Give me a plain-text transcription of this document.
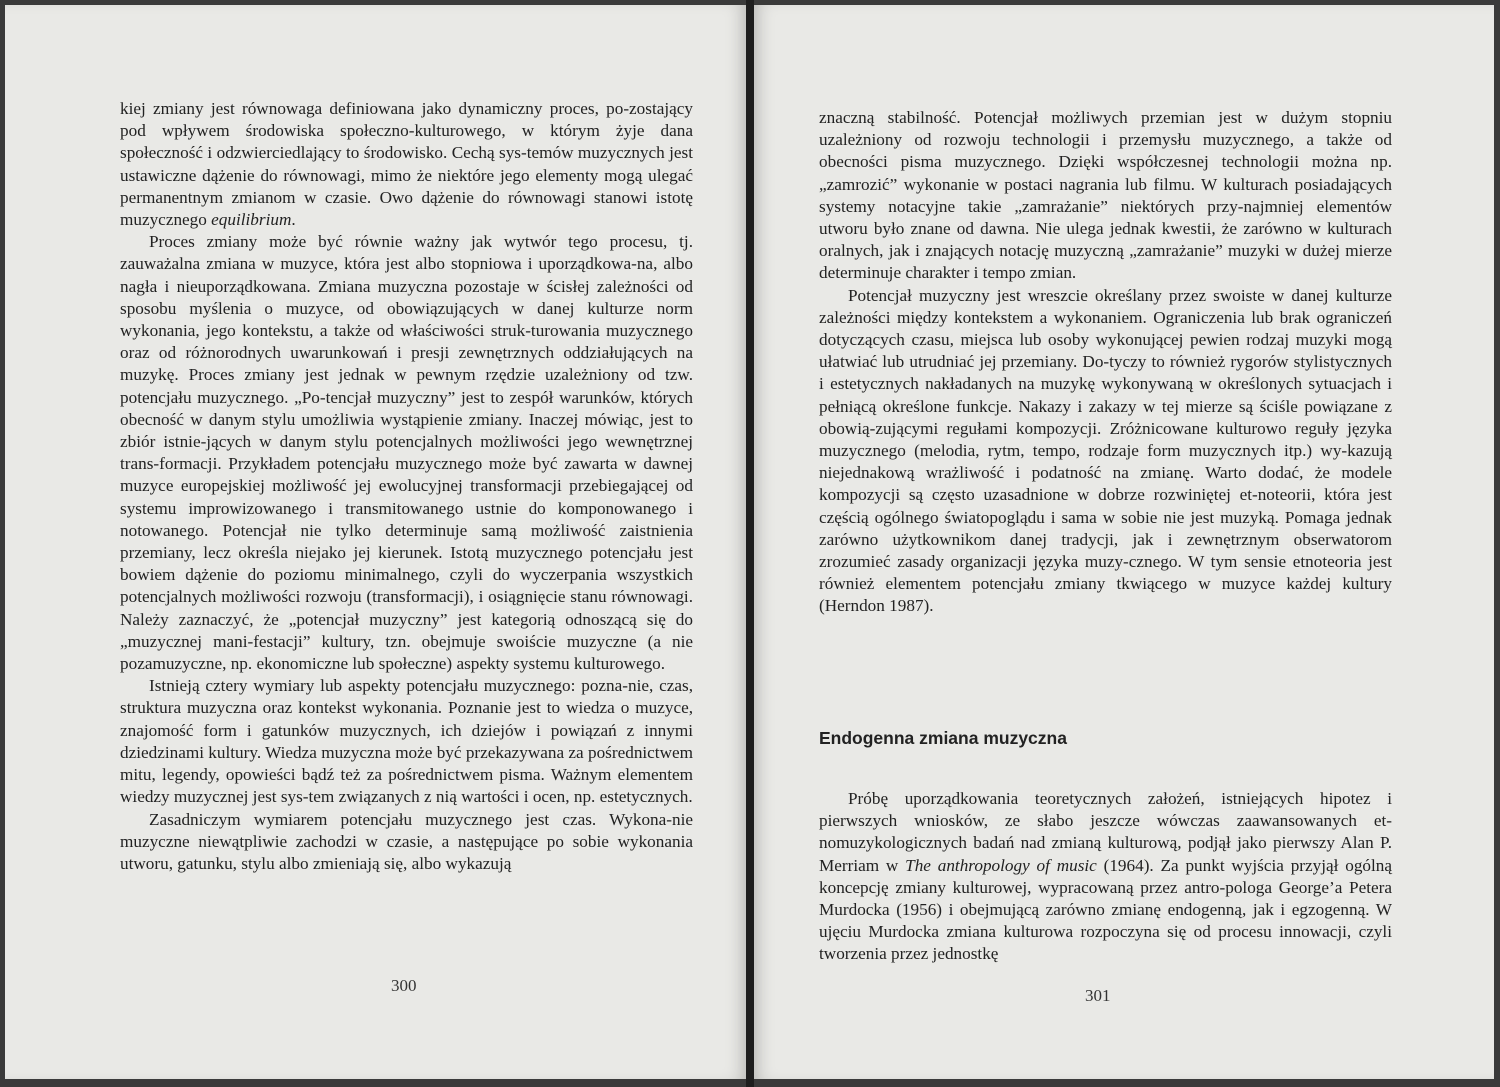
kiej zmiany jest równowaga definiowana jako dynamiczny proces, po-zostający pod wpływem środowiska społeczno-kulturowego, w którym żyje dana społeczność i odzwierciedlający to środowisko. Cechą sys-temów muzycznych jest ustawiczne dążenie do równowagi, mimo że niektóre jego elementy mogą ulegać permanentnym zmianom w czasie. Owo dążenie do równowagi stanowi istotę muzycznego equilibrium.

Proces zmiany może być równie ważny jak wytwór tego procesu, tj. zauważalna zmiana w muzyce, która jest albo stopniowa i uporządkowa-na, albo nagła i nieuporządkowana. Zmiana muzyczna pozostaje w ścisłej zależności od sposobu myślenia o muzyce, od obowiązujących w danej kulturze norm wykonania, jego kontekstu, a także od właściwości struk-turowania muzycznego oraz od różnorodnych uwarunkowań i presji zewnętrznych oddziałujących na muzykę. Proces zmiany jest jednak w pewnym rzędzie uzależniony od tzw. potencjału muzycznego. „Po-tencjał muzyczny” jest to zespół warunków, których obecność w danym stylu umożliwia wystąpienie zmiany. Inaczej mówiąc, jest to zbiór istnie-jących w danym stylu potencjalnych możliwości jego wewnętrznej trans-formacji. Przykładem potencjału muzycznego może być zawarta w dawnej muzyce europejskiej możliwość jej ewolucyjnej transformacji przebiegającej od systemu improwizowanego i transmitowanego ustnie do komponowanego i notowanego. Potencjał nie tylko determinuje samą możliwość zaistnienia przemiany, lecz określa niejako jej kierunek. Istotą muzycznego potencjału jest bowiem dążenie do poziomu minimalnego, czyli do wyczerpania wszystkich potencjalnych możliwości rozwoju (transformacji), i osiągnięcie stanu równowagi. Należy zaznaczyć, że „potencjał muzyczny” jest kategorią odnoszącą się do „muzycznej mani-festacji” kultury, tzn. obejmuje swoiście muzyczne (a nie pozamuzyczne, np. ekonomiczne lub społeczne) aspekty systemu kulturowego.

Istnieją cztery wymiary lub aspekty potencjału muzycznego: pozna-nie, czas, struktura muzyczna oraz kontekst wykonania. Poznanie jest to wiedza o muzyce, znajomość form i gatunków muzycznych, ich dziejów i powiązań z innymi dziedzinami kultury. Wiedza muzyczna może być przekazywana za pośrednictwem mitu, legendy, opowieści bądź też za pośrednictwem pisma. Ważnym elementem wiedzy muzycznej jest sys-tem związanych z nią wartości i ocen, np. estetycznych.

Zasadniczym wymiarem potencjału muzycznego jest czas. Wykona-nie muzyczne niewątpliwie zachodzi w czasie, a następujące po sobie wykonania utworu, gatunku, stylu albo zmieniają się, albo wykazują

300

znaczną stabilność. Potencjał możliwych przemian jest w dużym stopniu uzależniony od rozwoju technologii i przemysłu muzycznego, a także od obecności pisma muzycznego. Dzięki współczesnej technologii można np. „zamrozić” wykonanie w postaci nagrania lub filmu. W kulturach posiadających systemy notacyjne takie „zamrażanie” niektórych przy-najmniej elementów utworu było znane od dawna. Nie ulega jednak kwestii, że zarówno w kulturach oralnych, jak i znających notację muzyczną „zamrażanie” muzyki w dużej mierze determinuje charakter i tempo zmian.

Potencjał muzyczny jest wreszcie określany przez swoiste w danej kulturze zależności między kontekstem a wykonaniem. Ograniczenia lub brak ograniczeń dotyczących czasu, miejsca lub osoby wykonującej pewien rodzaj muzyki mogą ułatwiać lub utrudniać jej przemiany. Do-tyczy to również rygorów stylistycznych i estetycznych nakładanych na muzykę wykonywaną w określonych sytuacjach i pełniącą określone funkcje. Nakazy i zakazy w tej mierze są ściśle powiązane z obowią-zującymi regułami kompozycji. Zróżnicowane kulturowo reguły języka muzycznego (melodia, rytm, tempo, rodzaje form muzycznych itp.) wy-kazują niejednakową wrażliwość i podatność na zmianę. Warto dodać, że modele kompozycji są często uzasadnione w dobrze rozwiniętej et-noteorii, która jest częścią ogólnego światopoglądu i sama w sobie nie jest muzyką. Pomaga jednak zarówno użytkownikom danej tradycji, jak i zewnętrznym obserwatorom zrozumieć zasady organizacji języka muzy-cznego. W tym sensie etnoteoria jest również elementem potencjału zmiany tkwiącego w muzyce każdej kultury (Herndon 1987).

Endogenna zmiana muzyczna

Próbę uporządkowania teoretycznych założeń, istniejących hipotez i pierwszych wniosków, ze słabo jeszcze wówczas zaawansowanych et-nomuzykologicznych badań nad zmianą kulturową, podjął jako pierwszy Alan P. Merriam w The anthropology of music (1964). Za punkt wyjścia przyjął ogólną koncepcję zmiany kulturowej, wypracowaną przez antro-pologa George’a Petera Murdocka (1956) i obejmującą zarówno zmianę endogenną, jak i egzogenną. W ujęciu Murdocka zmiana kulturowa rozpoczyna się od procesu innowacji, czyli tworzenia przez jednostkę

301
